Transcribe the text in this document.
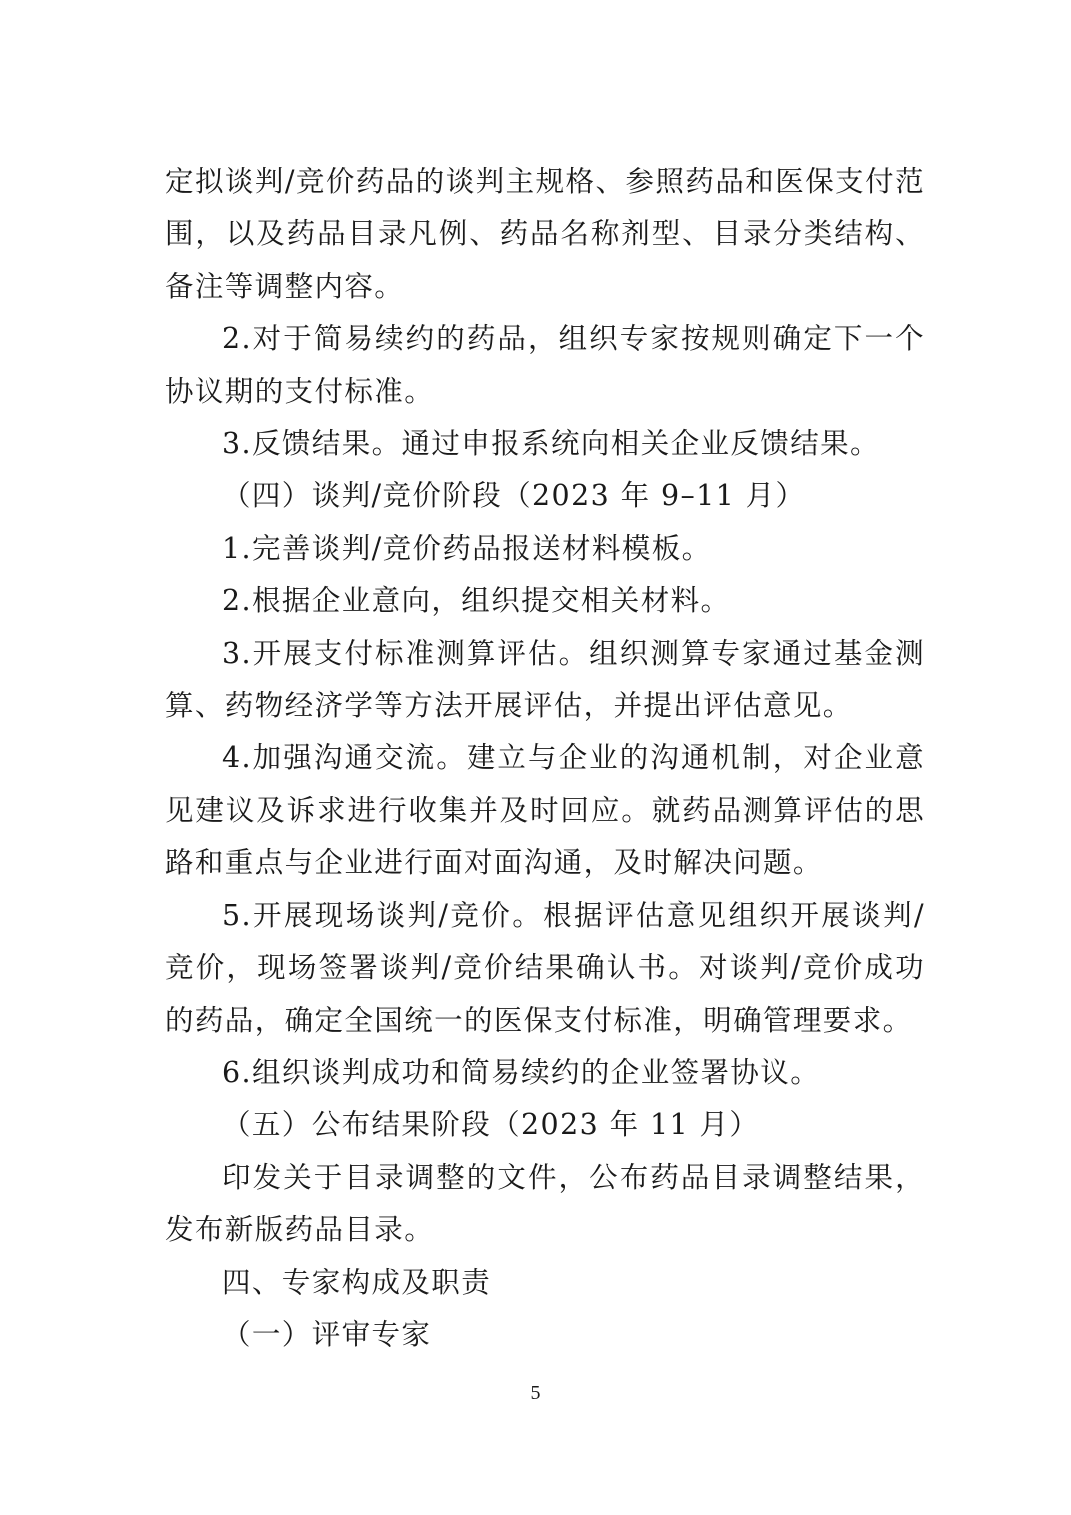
定拟谈判/竞价药品的谈判主规格、参照药品和医保支付范围，以及药品目录凡例、药品名称剂型、目录分类结构、备注等调整内容。

2.对于简易续约的药品，组织专家按规则确定下一个协议期的支付标准。

3.反馈结果。通过申报系统向相关企业反馈结果。

（四）谈判/竞价阶段（2023 年 9–11 月）

1.完善谈判/竞价药品报送材料模板。

2.根据企业意向，组织提交相关材料。

3.开展支付标准测算评估。组织测算专家通过基金测算、药物经济学等方法开展评估，并提出评估意见。

4.加强沟通交流。建立与企业的沟通机制，对企业意见建议及诉求进行收集并及时回应。就药品测算评估的思路和重点与企业进行面对面沟通，及时解决问题。

5.开展现场谈判/竞价。根据评估意见组织开展谈判/竞价，现场签署谈判/竞价结果确认书。对谈判/竞价成功的药品，确定全国统一的医保支付标准，明确管理要求。

6.组织谈判成功和简易续约的企业签署协议。

（五）公布结果阶段（2023 年 11 月）

印发关于目录调整的文件，公布药品目录调整结果，发布新版药品目录。

四、专家构成及职责

（一）评审专家

5
